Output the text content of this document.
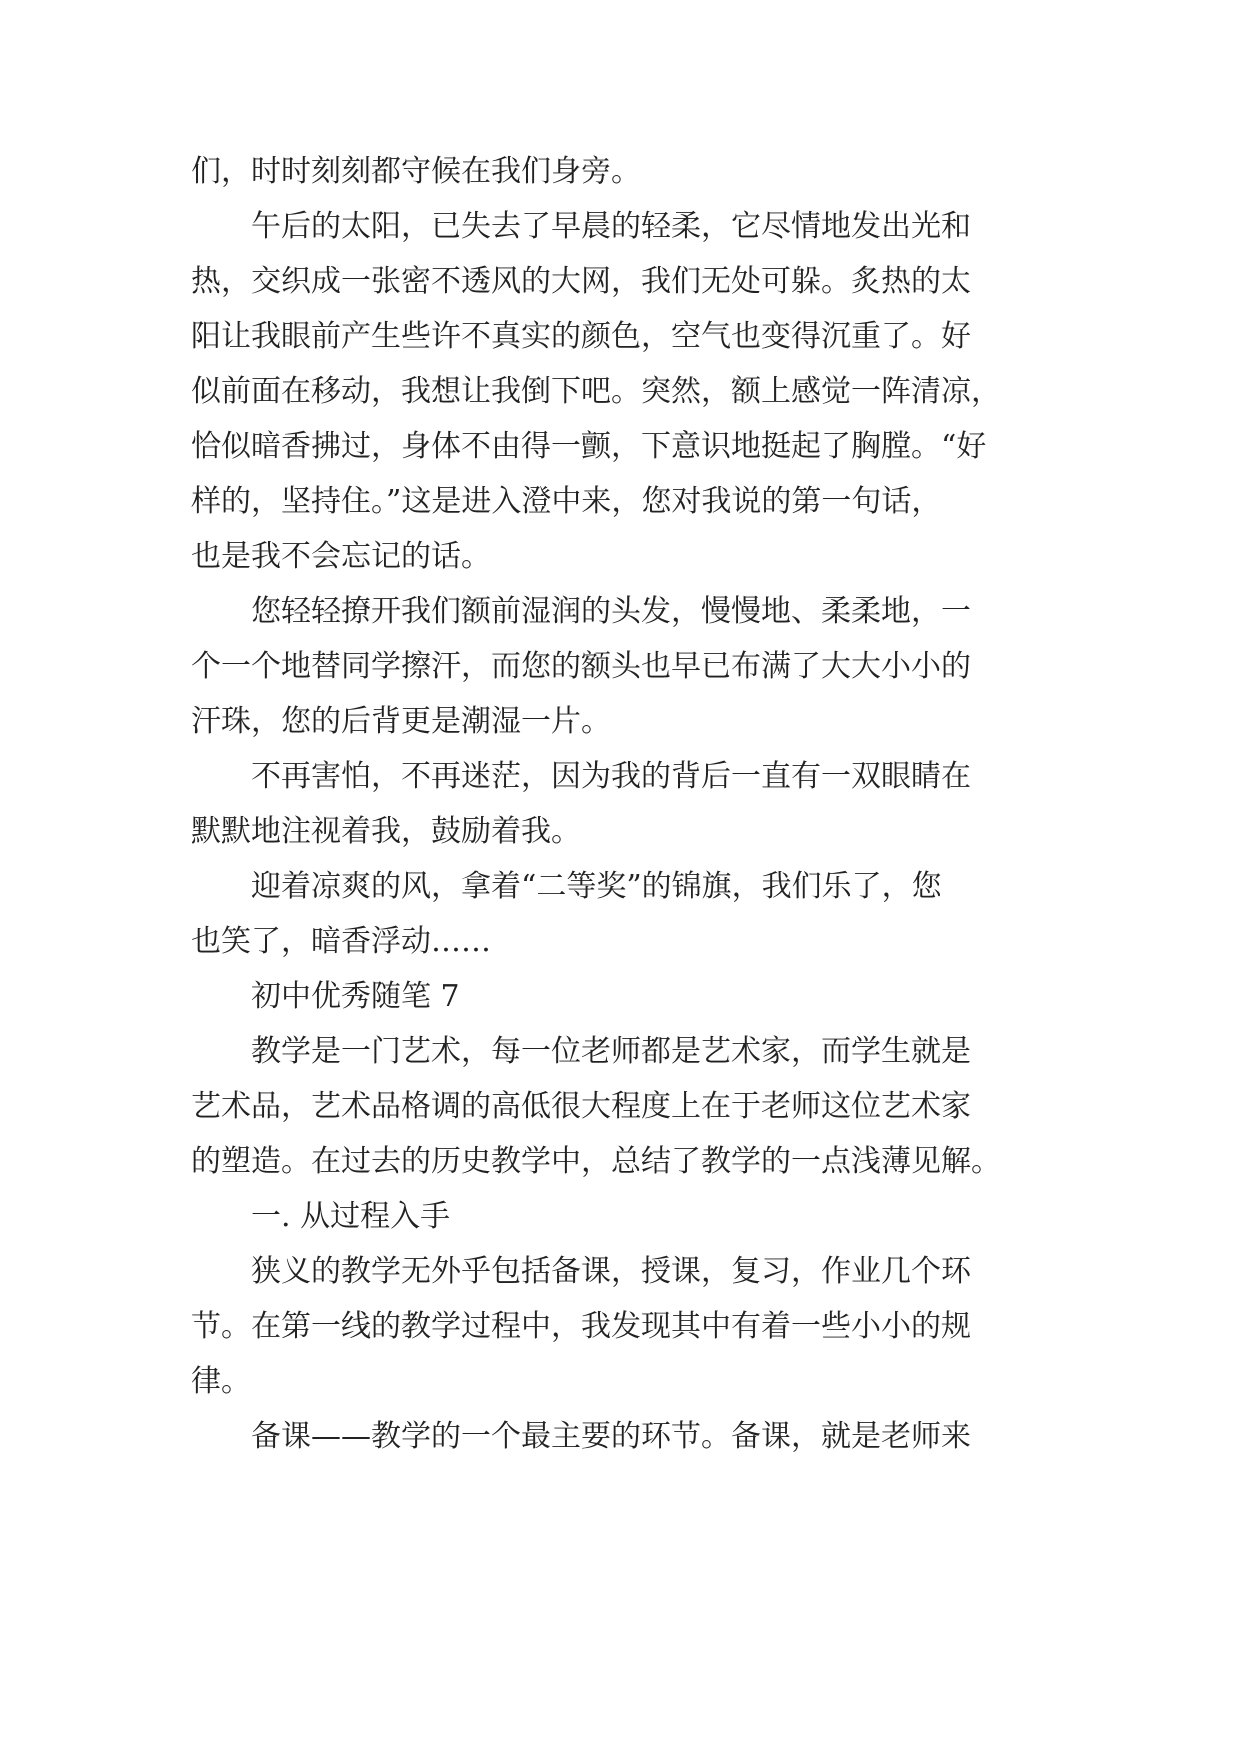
们，时时刻刻都守候在我们身旁。
午后的太阳，已失去了早晨的轻柔，它尽情地发出光和
热，交织成一张密不透风的大网，我们无处可躲。炙热的太
阳让我眼前产生些许不真实的颜色，空气也变得沉重了。好
似前面在移动，我想让我倒下吧。突然，额上感觉一阵清凉，
恰似暗香拂过，身体不由得一颤，下意识地挺起了胸膛。“好
样的，坚持住。”这是进入澄中来，您对我说的第一句话，
也是我不会忘记的话。
您轻轻撩开我们额前湿润的头发，慢慢地、柔柔地，一
个一个地替同学擦汗，而您的额头也早已布满了大大小小的
汗珠，您的后背更是潮湿一片。
不再害怕，不再迷茫，因为我的背后一直有一双眼睛在
默默地注视着我，鼓励着我。
迎着凉爽的风，拿着“二等奖”的锦旗，我们乐了，您
也笑了，暗香浮动……
初中优秀随笔 7
教学是一门艺术，每一位老师都是艺术家，而学生就是
艺术品，艺术品格调的高低很大程度上在于老师这位艺术家
的塑造。在过去的历史教学中，总结了教学的一点浅薄见解。
一. 从过程入手
狭义的教学无外乎包括备课，授课，复习，作业几个环
节。在第一线的教学过程中，我发现其中有着一些小小的规
律。
备课——教学的一个最主要的环节。备课，就是老师来
